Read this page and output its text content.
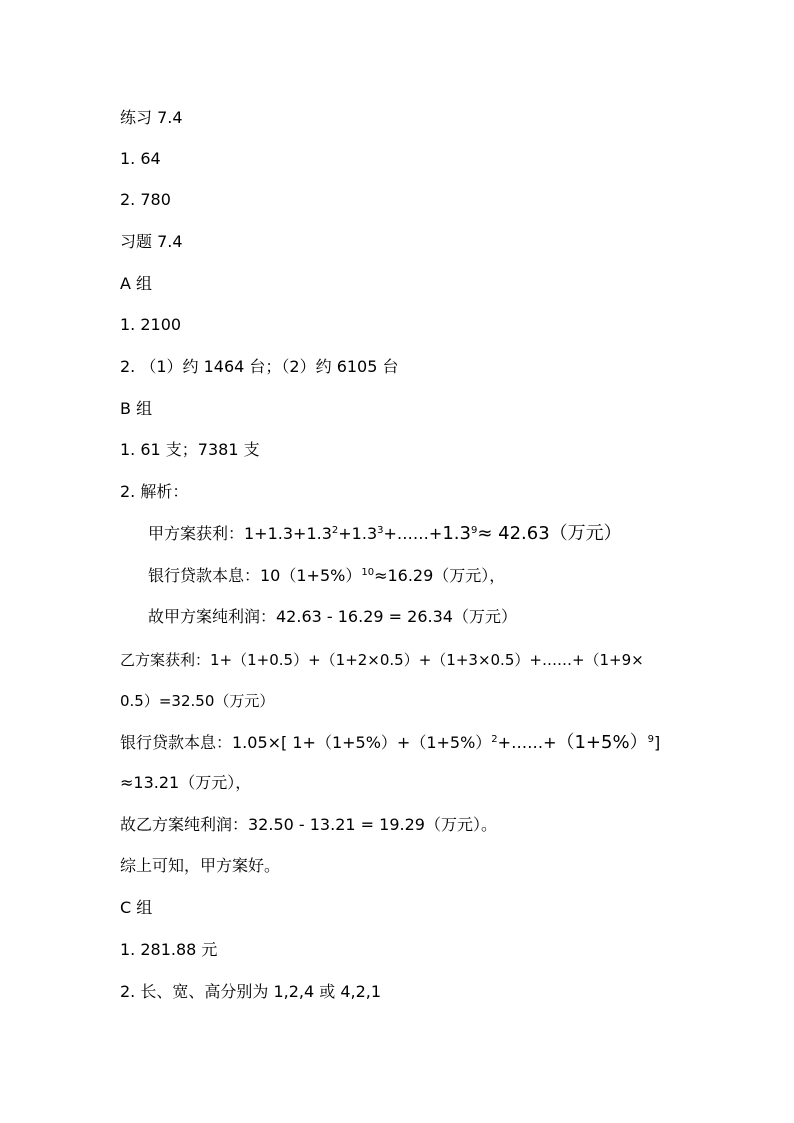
练习 7.4
1. 64
2. 780
习题 7.4
A 组
1. 2100
2. （1）约 1464 台；（2）约 6105 台
B 组
1. 61 支；7381 支
2. 解析：
甲方案获利：$1+1.3+1.3^2+1.3^3+\dots\dots+1.3^9\approx 42.63$（万元）
银行贷款本息：$10(1+5\%)^{10}\approx 16.29$（万元），
故甲方案纯利润：42.63 - 16.29 = 26.34（万元）
乙方案获利：1+（1+0.5）+（1+2×0.5）+（1+3×0.5）+……+（1+9×
0.5）=32.50（万元）
银行贷款本息：1.05×[ $1+(1+5\%)+(1+5\%)^2+\dots\dots+(1+5\%)^9$]
≈13.21（万元），
故乙方案纯利润：32.50 - 13.21 = 19.29（万元）。
综上可知，甲方案好。
C 组
1. 281.88 元
2. 长、宽、高分别为 1,2,4 或 4,2,1
